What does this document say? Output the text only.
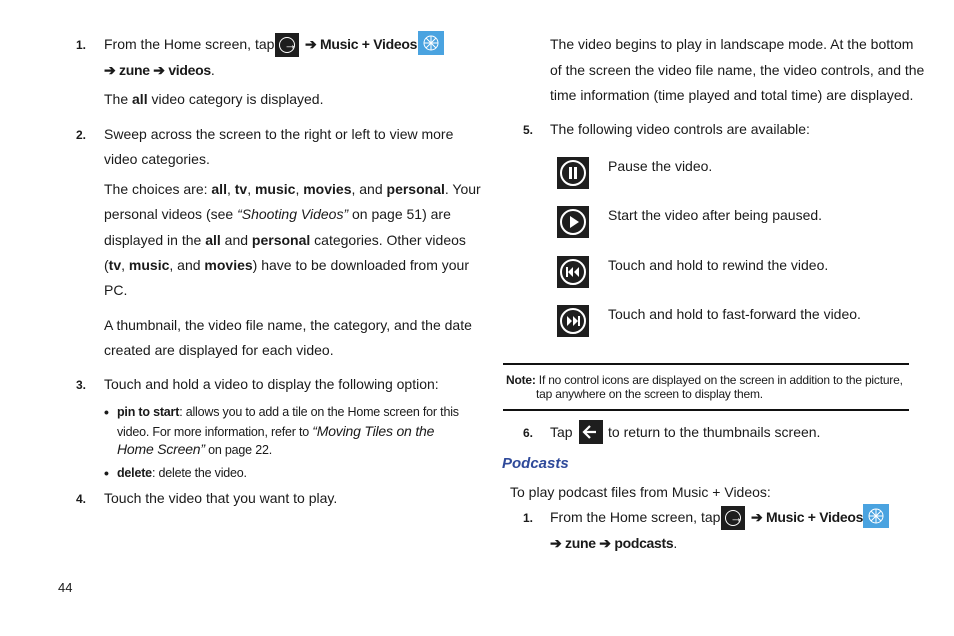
1. From the Home screen, tap → ➔ Music + Videos
➔ zune ➔ videos.
The all video category is displayed.
2. Sweep across the screen to the right or left to view more
video categories.
The choices are: all, tv, music, movies, and personal. Your
personal videos (see “Shooting Videos” on page 51) are
displayed in the all and personal categories. Other videos
(tv, music, and movies) have to be downloaded from your
PC.
A thumbnail, the video file name, the category, and the date
created are displayed for each video.
3. Touch and hold a video to display the following option:
• pin to start: allows you to add a tile on the Home screen for this
video. For more information, refer to “Moving Tiles on the
Home Screen” on page 22.
• delete: delete the video.
4. Touch the video that you want to play.
44
The video begins to play in landscape mode. At the bottom
of the screen the video file name, the video controls, and the
time information (time played and total time) are displayed.
5. The following video controls are available:
Pause the video.
Start the video after being paused.
Touch and hold to rewind the video.
Touch and hold to fast-forward the video.
Note: If no control icons are displayed on the screen in addition to the picture,
tap anywhere on the screen to display them.
6. Tap	to return to the thumbnails screen.
Podcasts
To play podcast files from Music + Videos:
1. From the Home screen, tap → ➔ Music + Videos
➔ zune ➔ podcasts.
